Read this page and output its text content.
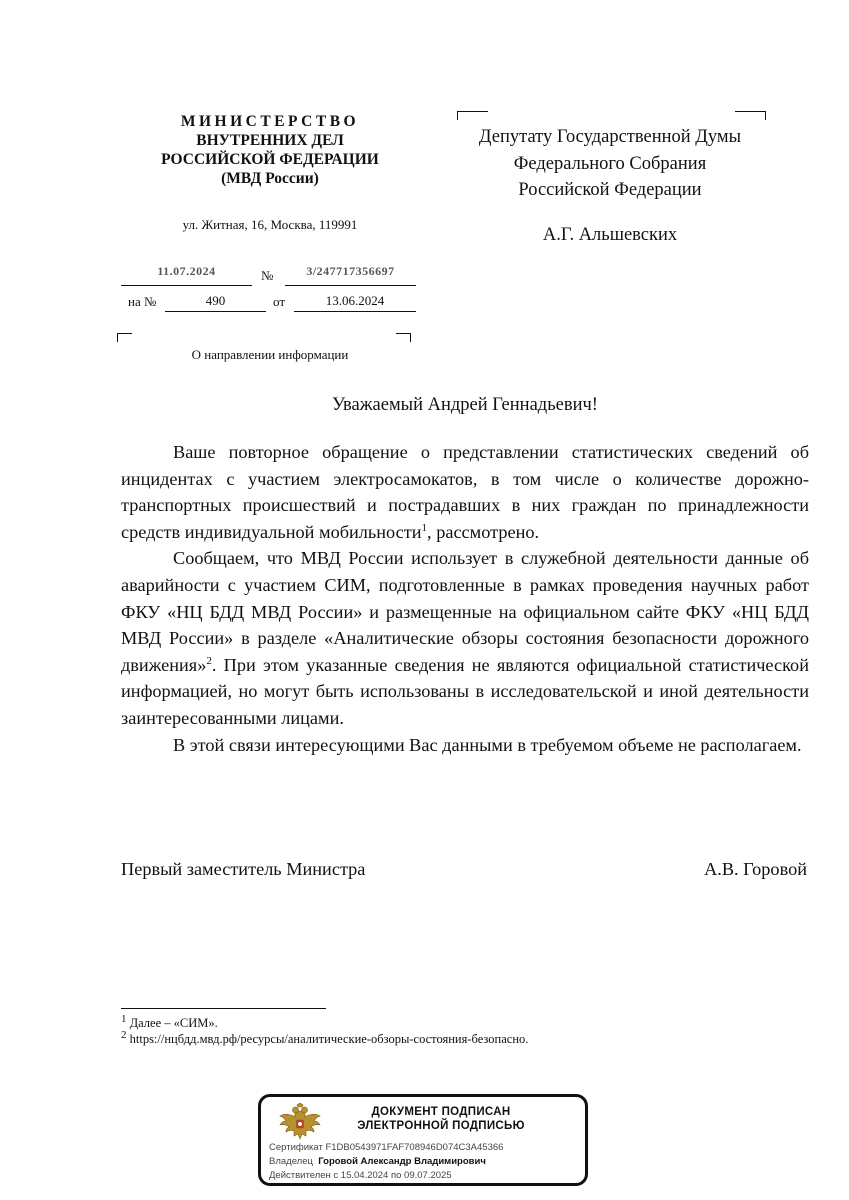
МИНИСТЕРСТВО
ВНУТРЕННИХ ДЕЛ
РОССИЙСКОЙ ФЕДЕРАЦИИ
(МВД России)
ул. Житная, 16, Москва, 119991
11.07.2024	№	3/247717356697
на №	490	от	13.06.2024
О направлении информации
Депутату Государственной Думы
Федерального Собрания
Российской Федерации
А.Г. Альшевских
Уважаемый Андрей Геннадьевич!

Ваше повторное обращение о представлении статистических сведений об инцидентах с участием электросамокатов, в том числе о количестве дорожно-транспортных происшествий и пострадавших в них граждан по принадлежности средств индивидуальной мобильности$^1$, рассмотрено.

Сообщаем, что МВД России использует в служебной деятельности данные об аварийности с участием СИМ, подготовленные в рамках проведения научных работ ФКУ «НЦ БДД МВД России» и размещенные на официальном сайте ФКУ «НЦ БДД МВД России» в разделе «Аналитические обзоры состояния безопасности дорожного движения»$^2$. При этом указанные сведения не являются официальной статистической информацией, но могут быть использованы в исследовательской и иной деятельности заинтересованными лицами.

В этой связи интересующими Вас данными в требуемом объеме не располагаем.

Первый заместитель Министра	А.В. Горовой
$^1$ Далее – «СИМ».
$^2$ https://нцбдд.мвд.рф/ресурсы/аналитические-обзоры-состояния-безопасно.
ДОКУМЕНТ ПОДПИСАН
ЭЛЕКТРОННОЙ ПОДПИСЬЮ
Сертификат F1DB0543971FAF708946D074C3A45366
Владелец Горовой Александр Владимирович
Действителен с 15.04.2024 по 09.07.2025
